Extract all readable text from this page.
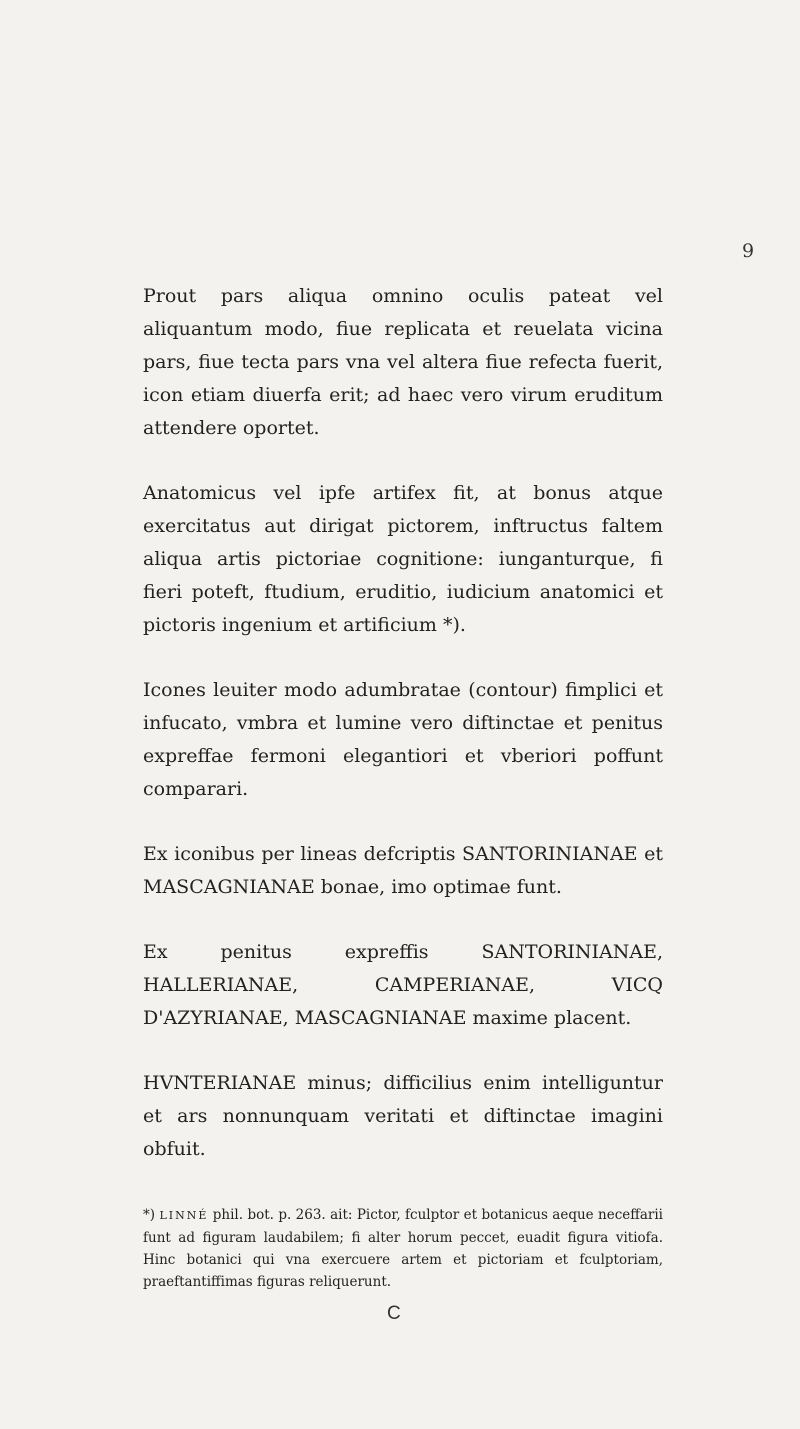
9

Prout pars aliqua omnino oculis pateat vel aliquantum modo, fiue replicata et reuelata vicina pars, fiue tecta pars vna vel altera fiue refecta fuerit, icon etiam diuerfa erit; ad haec vero virum eruditum attendere oportet.

Anatomicus vel ipfe artifex fit, at bonus atque exercitatus aut dirigat pictorem, inftructus faltem aliqua artis pictoriae cognitione: iunganturque, fi fieri poteft, ftudium, eruditio, iudicium anatomici et pictoris ingenium et artificium *).

Icones leuiter modo adumbratae (contour) fimplici et infucato, vmbra et lumine vero diftinctae et penitus expreffae fermoni elegantiori et vberiori poffunt comparari.

Ex iconibus per lineas defcriptis SANTORINIANAE et MASCAGNIANAE bonae, imo optimae funt.

Ex penitus expreffis SANTORINIANAE, HALLERIANAE, CAMPERIANAE, VICQ D'AZYRIANAE, MASCAGNIANAE maxime placent.

HVNTERIANAE minus; difficilius enim intelliguntur et ars nonnunquam veritati et diftinctae imagini obfuit.

*) LINNÉ phil. bot. p. 263. ait: Pictor, fculptor et botanicus aeque neceffarii funt ad figuram laudabilem; fi alter horum peccet, euadit figura vitiofa. Hinc botanici qui vna exercuere artem et pictoriam et fculptoriam, praeftantiffimas figuras reliquerunt.
C
